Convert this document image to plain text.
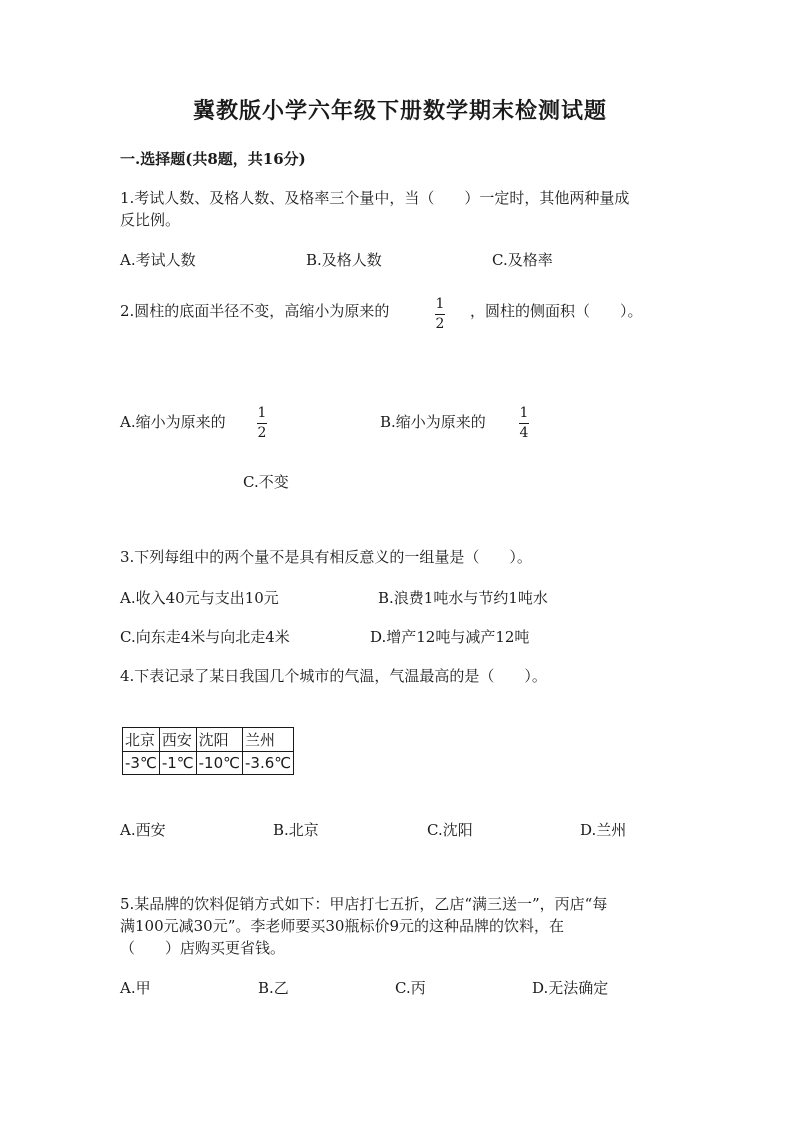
冀教版小学六年级下册数学期末检测试题
一.选择题(共8题，共16分)
1.考试人数、及格人数、及格率三个量中，当（　　）一定时，其他两种量成
反比例。
A.考试人数	B.及格人数	C.及格率
2.圆柱的底面半径不变，高缩小为原来的	1
2
，圆柱的侧面积（　　）。
A.缩小为原来的 1
2
B.缩小为原来的 1
4
C.不变
3.下列每组中的两个量不是具有相反意义的一组量是（　　）。
A.收入40元与支出10元	B.浪费1吨水与节约1吨水
C.向东走4米与向北走4米	D.增产12吨与减产12吨
4.下表记录了某日我国几个城市的气温，气温最高的是（　　）。
北京	西安	沈阳	兰州
-3℃	-1℃	-10℃	-3.6℃
A.西安	B.北京	C.沈阳	D.兰州
5.某品牌的饮料促销方式如下：甲店打七五折，乙店“满三送一”，丙店“每
满100元减30元”。李老师要买30瓶标价9元的这种品牌的饮料，在
（　　）店购买更省钱。
A.甲	B.乙	C.丙	D.无法确定
